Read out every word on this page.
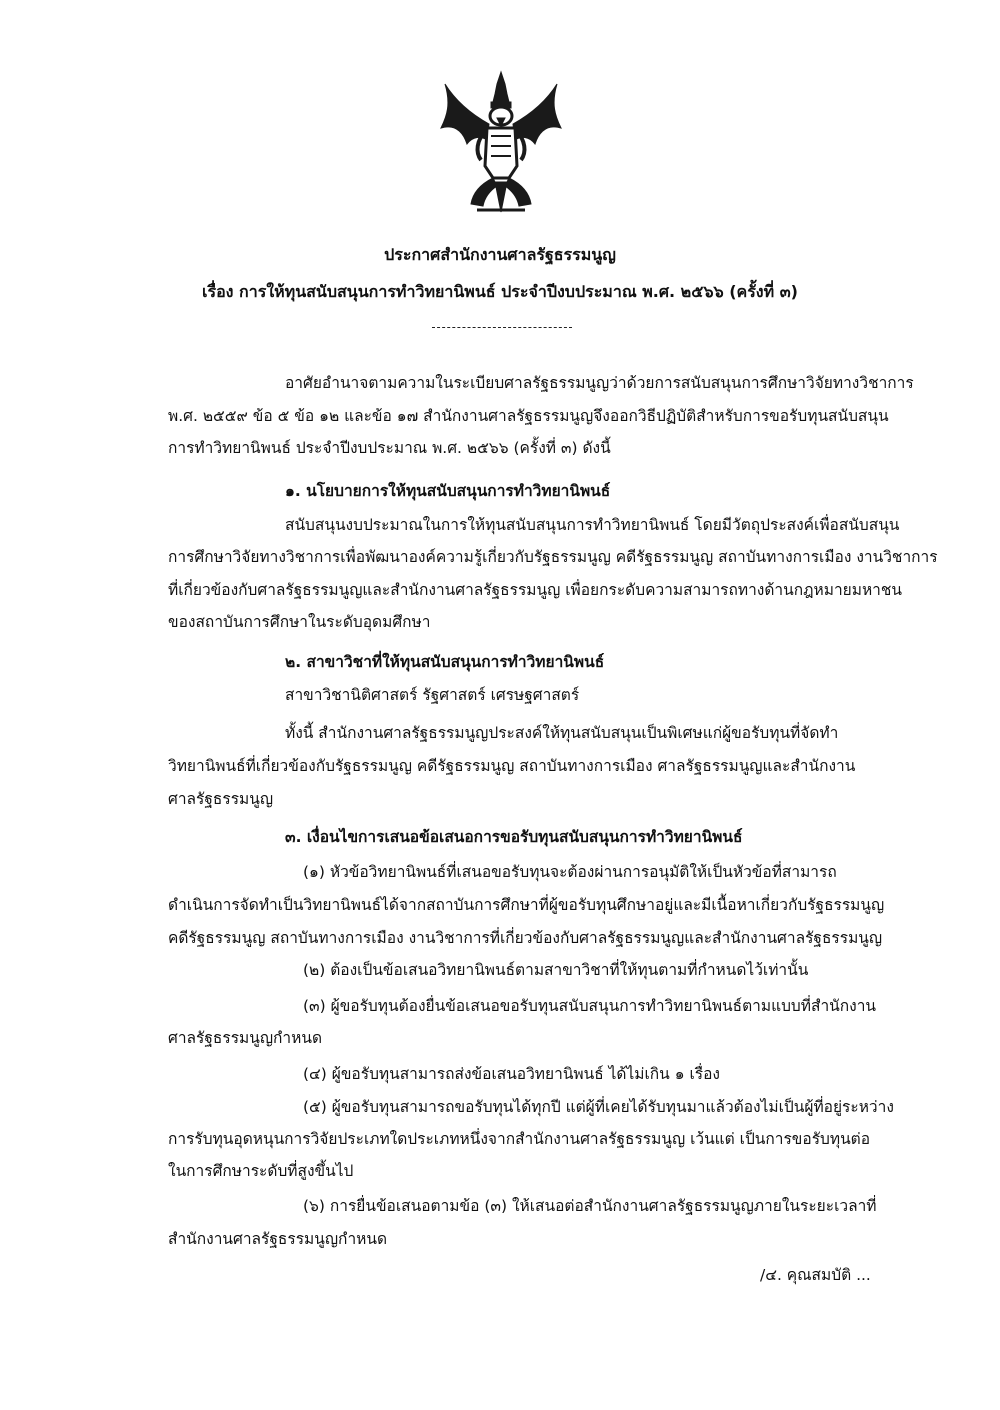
ประกาศสำนักงานศาลรัฐธรรมนูญ
เรื่อง การให้ทุนสนับสนุนการทำวิทยานิพนธ์ ประจำปีงบประมาณ พ.ศ. ๒๕๖๖ (ครั้งที่ ๓)
อาศัยอำนาจตามความในระเบียบศาลรัฐธรรมนูญว่าด้วยการสนับสนุนการศึกษาวิจัยทางวิชาการ
พ.ศ. ๒๕๕๙ ข้อ ๕ ข้อ ๑๒ และข้อ ๑๗ สำนักงานศาลรัฐธรรมนูญจึงออกวิธีปฏิบัติสำหรับการขอรับทุนสนับสนุน
การทำวิทยานิพนธ์ ประจำปีงบประมาณ พ.ศ. ๒๕๖๖ (ครั้งที่ ๓) ดังนี้
๑. นโยบายการให้ทุนสนับสนุนการทำวิทยานิพนธ์
สนับสนุนงบประมาณในการให้ทุนสนับสนุนการทำวิทยานิพนธ์ โดยมีวัตถุประสงค์เพื่อสนับสนุน
การศึกษาวิจัยทางวิชาการเพื่อพัฒนาองค์ความรู้เกี่ยวกับรัฐธรรมนูญ คดีรัฐธรรมนูญ สถาบันทางการเมือง งานวิชาการ
ที่เกี่ยวข้องกับศาลรัฐธรรมนูญและสำนักงานศาลรัฐธรรมนูญ เพื่อยกระดับความสามารถทางด้านกฎหมายมหาชน
ของสถาบันการศึกษาในระดับอุดมศึกษา
๒. สาขาวิชาที่ให้ทุนสนับสนุนการทำวิทยานิพนธ์
สาขาวิชานิติศาสตร์ รัฐศาสตร์ เศรษฐศาสตร์
ทั้งนี้ สำนักงานศาลรัฐธรรมนูญประสงค์ให้ทุนสนับสนุนเป็นพิเศษแก่ผู้ขอรับทุนที่จัดทำ
วิทยานิพนธ์ที่เกี่ยวข้องกับรัฐธรรมนูญ คดีรัฐธรรมนูญ สถาบันทางการเมือง ศาลรัฐธรรมนูญและสำนักงาน
ศาลรัฐธรรมนูญ
๓. เงื่อนไขการเสนอข้อเสนอการขอรับทุนสนับสนุนการทำวิทยานิพนธ์
(๑) หัวข้อวิทยานิพนธ์ที่เสนอขอรับทุนจะต้องผ่านการอนุมัติให้เป็นหัวข้อที่สามารถ
ดำเนินการจัดทำเป็นวิทยานิพนธ์ได้จากสถาบันการศึกษาที่ผู้ขอรับทุนศึกษาอยู่และมีเนื้อหาเกี่ยวกับรัฐธรรมนูญ
คดีรัฐธรรมนูญ สถาบันทางการเมือง งานวิชาการที่เกี่ยวข้องกับศาลรัฐธรรมนูญและสำนักงานศาลรัฐธรรมนูญ
(๒) ต้องเป็นข้อเสนอวิทยานิพนธ์ตามสาขาวิชาที่ให้ทุนตามที่กำหนดไว้เท่านั้น
(๓) ผู้ขอรับทุนต้องยื่นข้อเสนอขอรับทุนสนับสนุนการทำวิทยานิพนธ์ตามแบบที่สำนักงาน
ศาลรัฐธรรมนูญกำหนด
(๔) ผู้ขอรับทุนสามารถส่งข้อเสนอวิทยานิพนธ์ ได้ไม่เกิน ๑ เรื่อง
(๕) ผู้ขอรับทุนสามารถขอรับทุนได้ทุกปี แต่ผู้ที่เคยได้รับทุนมาแล้วต้องไม่เป็นผู้ที่อยู่ระหว่าง
การรับทุนอุดหนุนการวิจัยประเภทใดประเภทหนึ่งจากสำนักงานศาลรัฐธรรมนูญ เว้นแต่ เป็นการขอรับทุนต่อ
ในการศึกษาระดับที่สูงขึ้นไป
(๖) การยื่นข้อเสนอตามข้อ (๓) ให้เสนอต่อสำนักงานศาลรัฐธรรมนูญภายในระยะเวลาที่
สำนักงานศาลรัฐธรรมนูญกำหนด
/๔. คุณสมบัติ ...
